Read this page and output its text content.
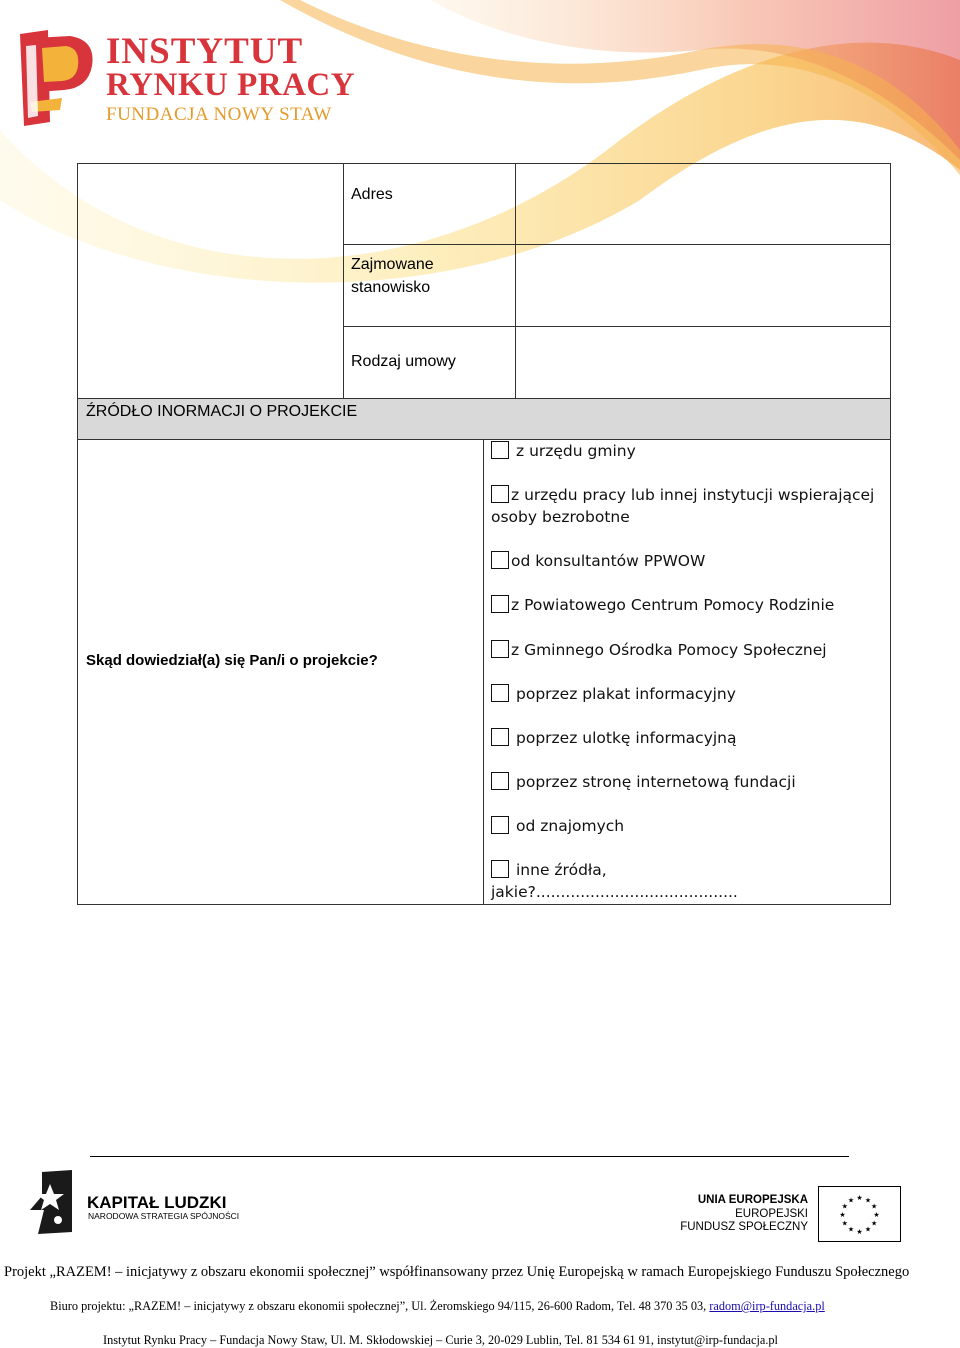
INSTYTUT
RYNKU PRACY
FUNDACJA NOWY STAW
Adres
Zajmowane
stanowisko
Rodzaj umowy
ŹRÓDŁO INORMACJI O PROJEKCIE
Skąd dowiedział(a) się Pan/i o projekcie?
z urzędu gminy
z urzędu pracy lub innej instytucji wspierającej
osoby bezrobotne
od konsultantów PPWOW
z Powiatowego Centrum Pomocy Rodzinie
z Gminnego Ośrodka Pomocy Społecznej
poprzez plakat informacyjny
poprzez ulotkę informacyjną
poprzez stronę internetową fundacji
od znajomych
inne źródła,
jakie?.........................................
KAPITAŁ LUDZKI
NARODOWA STRATEGIA SPÓJNOŚCI
UNIA EUROPEJSKA
EUROPEJSKI
FUNDUSZ SPOŁECZNY
★ ★
★
★
★
★
★
★
★
★
★
★
Projekt „RAZEM! – inicjatywy z obszaru ekonomii społecznej” współfinansowany przez Unię Europejską w ramach Europejskiego Funduszu Społecznego
Biuro projektu: „RAZEM! – inicjatywy z obszaru ekonomii społecznej”, Ul. Żeromskiego 94/115, 26-600 Radom, Tel. 48 370 35 03, radom@irp-fundacja.pl
Instytut Rynku Pracy – Fundacja Nowy Staw, Ul. M. Skłodowskiej – Curie 3, 20-029 Lublin, Tel. 81 534 61 91, instytut@irp-fundacja.pl
